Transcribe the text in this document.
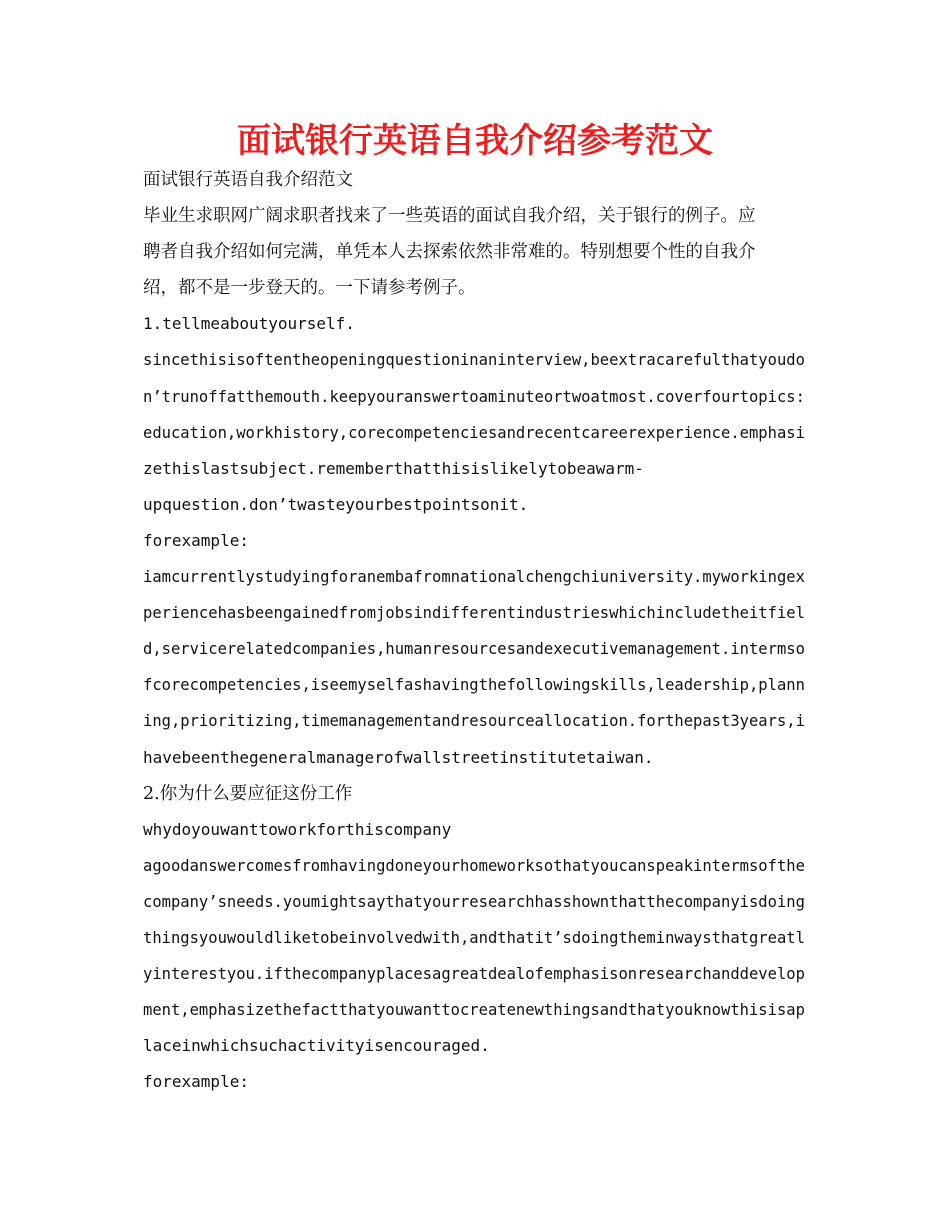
面试银行英语自我介绍参考范文
面试银行英语自我介绍范文
毕业生求职网广阔求职者找来了一些英语的面试自我介绍，关于银行的例子。应
聘者自我介绍如何完满，单凭本人去探索依然非常难的。特别想要个性的自我介
绍，都不是一步登天的。一下请参考例子。
1.tellmeaboutyourself.
sincethisisoftentheopeningquestioninaninterview,beextracarefulthatyoudo
n’trunoffatthemouth.keepyouranswertoaminuteortwoatmost.coverfourtopics:
education,workhistory,corecompetenciesandrecentcareerexperience.emphasi
zethislastsubject.rememberthatthisislikelytobeawarm-
upquestion.don’twasteyourbestpointsonit.
forexample:
iamcurrentlystudyingforanembafromnationalchengchiuniversity.myworkingex
periencehasbeengainedfromjobsindifferentindustrieswhichincludetheitfiel
d,servicerelatedcompanies,humanresourcesandexecutivemanagement.intermso
fcorecompetencies,iseemyselfashavingthefollowingskills,leadership,plann
ing,prioritizing,timemanagementandresourceallocation.forthepast3years,i
havebeenthegeneralmanagerofwallstreetinstitutetaiwan.
2.你为什么要应征这份工作
whydoyouwanttoworkforthiscompany
agoodanswercomesfromhavingdoneyourhomeworksothatyoucanspeakintermsofthe
company’sneeds.youmightsaythatyourresearchhasshownthatthecompanyisdoing
thingsyouwouldliketobeinvolvedwith,andthatit’sdoingtheminwaysthatgreatl
yinterestyou.ifthecompanyplacesagreatdealofemphasisonresearchanddevelop
ment,emphasizethefactthatyouwanttocreatenewthingsandthatyouknowthisisap
laceinwhichsuchactivityisencouraged.
forexample:
